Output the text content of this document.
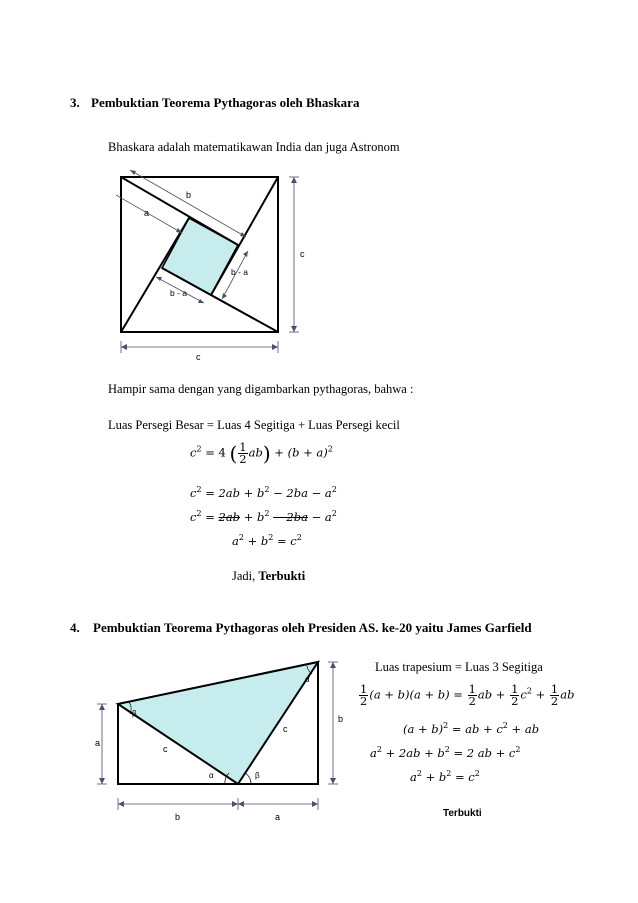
3. Pembuktian Teorema Pythagoras oleh Bhaskara
Bhaskara adalah matematikawan India dan juga Astronom
b
a
b - a
b - a
c
c
Hampir sama dengan yang digambarkan pythagoras, bahwa :
Luas Persegi Besar = Luas 4 Segitiga + Luas Persegi kecil
$c^2 = 4$ ( $\frac{1}{2} ab) + (b + a)^2$
$c^2 = 2ab + b^2 - 2ba - a^2$
$c^2 = 2ab + b^2 - 2ba - a^2$
$a^2 + b^2 = c^2$
Jadi, Terbukti
4. Pembuktian Teorema Pythagoras oleh Presiden AS. ke-20 yaitu James Garfield
Luas trapesium = Luas 3 Segitiga
a
b
b	a
c
c
β
α
α	β
$\frac{1}{2} (a + b)(a + b) = \frac{1}{2}$ ab + $\frac{1}{2} c^2 + \frac{1}{2}$ ab
$(a + b)^2$ = ab + $c^2$ + ab
$a^2 + 2ab + b^2 = 2$ ab + $c^2$
$a^2 + b^2 = c^2$
Terbukti
